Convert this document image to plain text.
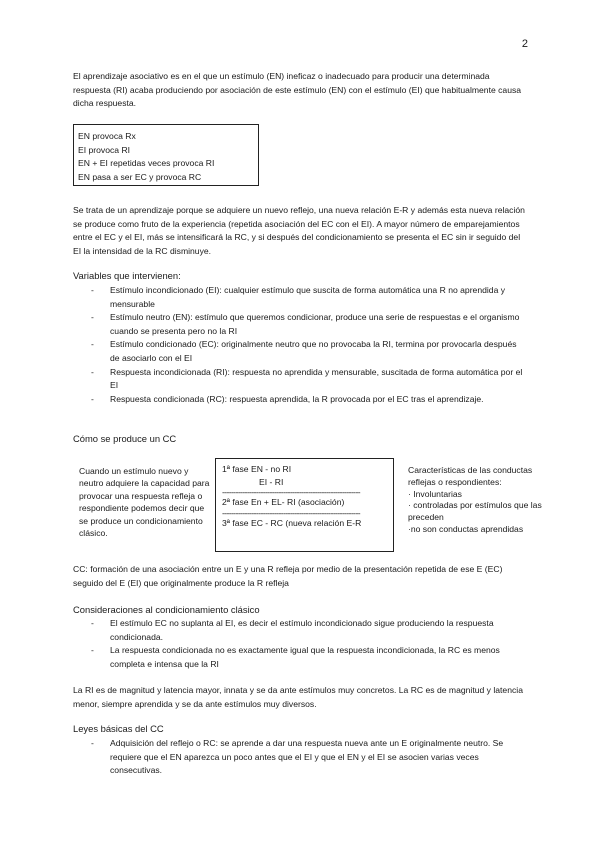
2

El aprendizaje asociativo es en el que un estímulo (EN) ineficaz o inadecuado para producir una determinada respuesta (RI) acaba produciendo por asociación de este estímulo (EN) con el estímulo (EI) que habitualmente causa dicha respuesta.

EN provoca Rx
EI provoca RI
EN + EI repetidas veces provoca RI
EN pasa a ser EC y provoca RC

Se trata de un aprendizaje porque se adquiere un nuevo reflejo, una nueva relación E-R y además esta nueva relación se produce como fruto de la experiencia (repetida asociación del EC con el EI). A mayor número de emparejamientos entre el EC y el EI, más se intensificará la RC, y si después del condicionamiento se presenta el EC sin ir seguido del EI la intensidad de la RC disminuye.

Variables que intervienen:
- Estímulo incondicionado (EI): cualquier estímulo que suscita de forma automática una R no aprendida y mensurable
- Estímulo neutro (EN): estímulo que queremos condicionar, produce una serie de respuestas e el organismo cuando se presenta pero no la RI
- Estímulo condicionado (EC): originalmente neutro que no provocaba la RI, termina por provocarla después de asociarlo con el EI
- Respuesta incondicionada (RI): respuesta no aprendida y mensurable, suscitada de forma automática por el EI
- Respuesta condicionada (RC): respuesta aprendida, la R provocada por el EC tras el aprendizaje.
Cómo se produce un CC
Cuando un estímulo nuevo y neutro adquiere la capacidad para provocar una respuesta refleja o respondiente podemos decir que se produce un condicionamiento clásico.
1ª fase EN - no RI
EI - RI
-------------------------------------------------------------
2ª fase En + EL- RI (asociación)
-------------------------------------------------------------
3ª fase EC - RC (nueva relación E-R
Características de las conductas reflejas o respondientes:
· Involuntarias
· controladas por estímulos que las preceden
·no son conductas aprendidas

CC: formación de una asociación entre un E y una R refleja por medio de la presentación repetida de ese E (EC) seguido del E (EI) que originalmente produce la R refleja

Consideraciones al condicionamiento clásico
- El estímulo EC no suplanta al EI, es decir el estímulo incondicionado sigue produciendo la respuesta condicionada.
- La respuesta condicionada no es exactamente igual que la respuesta incondicionada, la RC es menos completa e intensa que la RI

La RI es de magnitud y latencia mayor, innata y se da ante estímulos muy concretos. La RC es de magnitud y latencia menor, siempre aprendida y se da ante estímulos muy diversos.

Leyes básicas del CC
- Adquisición del reflejo o RC: se aprende a dar una respuesta nueva ante un E originalmente neutro. Se requiere que el EN aparezca un poco antes que el EI y que el EN y el EI se asocien varias veces consecutivas.
